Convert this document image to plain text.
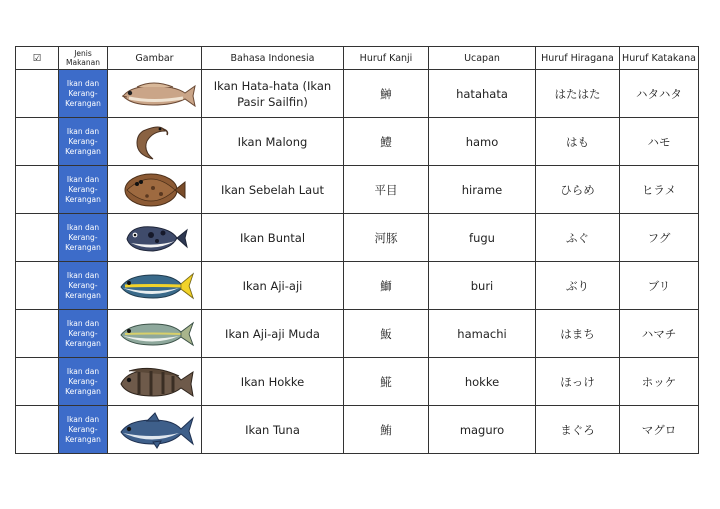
☑	Jenis Makanan	Gambar	Bahasa Indonesia	Huruf Kanji	Ucapan	Huruf Hiragana	Huruf Katakana
	Ikan dan Kerang-Kerangan		Ikan Hata-hata (Ikan Pasir Sailfin)	鰰	hatahata	はたはた	ハタハタ
	Ikan dan Kerang-Kerangan		Ikan Malong	鱧	hamo	はも	ハモ
	Ikan dan Kerang-Kerangan		Ikan Sebelah Laut	平目	hirame	ひらめ	ヒラメ
	Ikan dan Kerang-Kerangan		Ikan Buntal	河豚	fugu	ふぐ	フグ
	Ikan dan Kerang-Kerangan		Ikan Aji-aji	鰤	buri	ぶり	ブリ
	Ikan dan Kerang-Kerangan		Ikan Aji-aji Muda	魬	hamachi	はまち	ハマチ
	Ikan dan Kerang-Kerangan		Ikan Hokke	𩸽	hokke	ほっけ	ホッケ
	Ikan dan Kerang-Kerangan		Ikan Tuna	鮪	maguro	まぐろ	マグロ
